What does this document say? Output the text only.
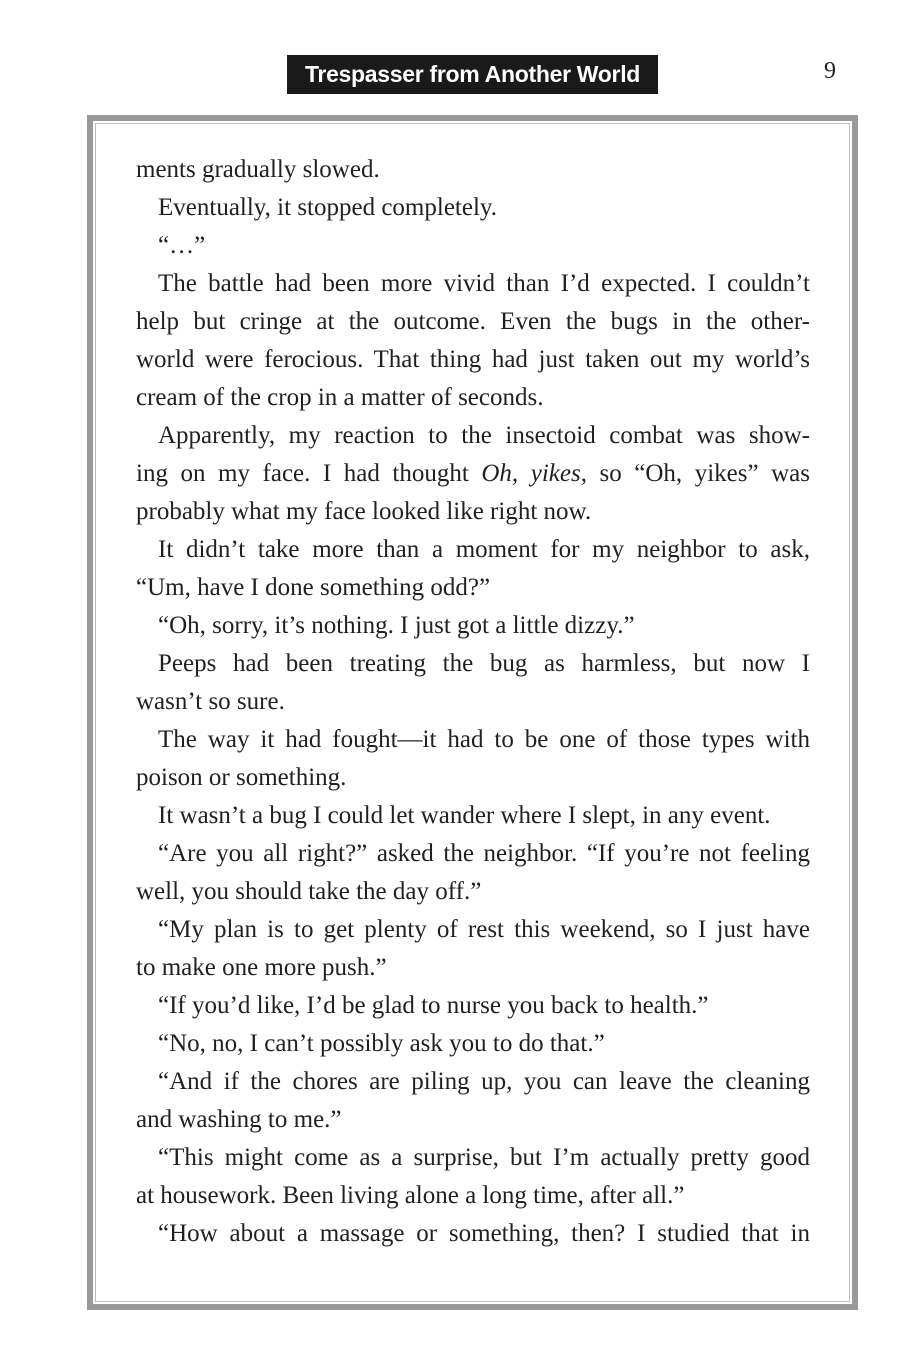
Trespasser from Another World	9
ments gradually slowed.
Eventually, it stopped completely.
“…”
The battle had been more vivid than I’d expected. I couldn’t
help but cringe at the outcome. Even the bugs in the other-
world were ferocious. That thing had just taken out my world’s
cream of the crop in a matter of seconds.
Apparently, my reaction to the insectoid combat was show-
ing on my face. I had thought Oh, yikes, so “Oh, yikes” was
probably what my face looked like right now.
It didn’t take more than a moment for my neighbor to ask,
“Um, have I done something odd?”
“Oh, sorry, it’s nothing. I just got a little dizzy.”
Peeps had been treating the bug as harmless, but now I
wasn’t so sure.
The way it had fought—it had to be one of those types with
poison or something.
It wasn’t a bug I could let wander where I slept, in any event.
“Are you all right?” asked the neighbor. “If you’re not feeling
well, you should take the day off.”
“My plan is to get plenty of rest this weekend, so I just have
to make one more push.”
“If you’d like, I’d be glad to nurse you back to health.”
“No, no, I can’t possibly ask you to do that.”
“And if the chores are piling up, you can leave the cleaning
and washing to me.”
“This might come as a surprise, but I’m actually pretty good
at housework. Been living alone a long time, after all.”
“How about a massage or something, then? I studied that in
